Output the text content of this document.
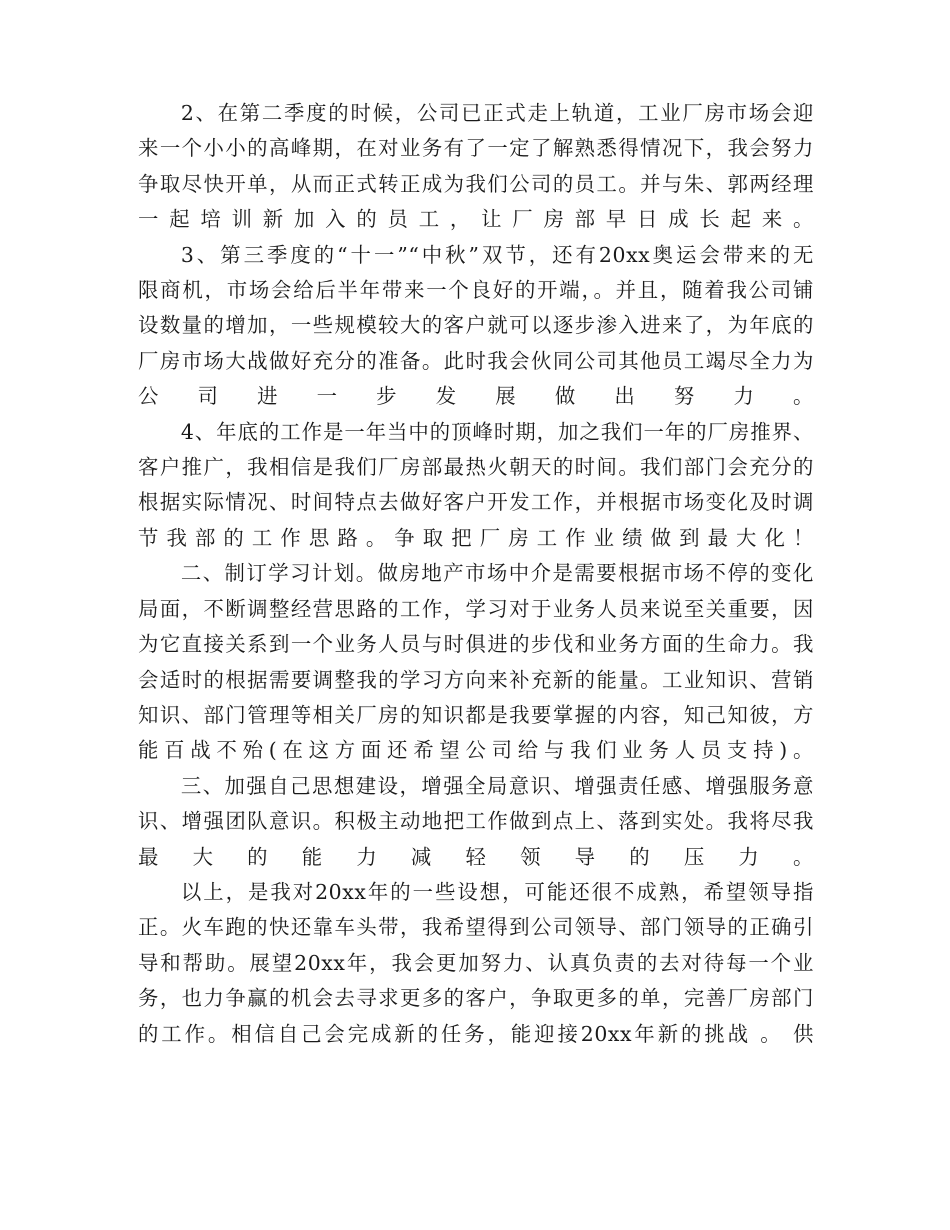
2、在第二季度的时候，公司已正式走上轨道，工业厂房市场会迎
来一个小小的高峰期，在对业务有了一定了解熟悉得情况下，我会努力
争取尽快开单，从而正式转正成为我们公司的员工。并与朱、郭两经理
一起培训新加入的员工，让厂房部早日成长起来。

3、第三季度的“十一”“中秋”双节，还有20xx奥运会带来的无
限商机，市场会给后半年带来一个良好的开端，。并且，随着我公司铺
设数量的增加，一些规模较大的客户就可以逐步渗入进来了，为年底的
厂房市场大战做好充分的准备。此时我会伙同公司其他员工竭尽全力为
公司进一步发展做出努力。

4、年底的工作是一年当中的顶峰时期，加之我们一年的厂房推界、
客户推广，我相信是我们厂房部最热火朝天的时间。我们部门会充分的
根据实际情况、时间特点去做好客户开发工作，并根据市场变化及时调
节我部的工作思路。争取把厂房工作业绩做到最大化！

二、制订学习计划。做房地产市场中介是需要根据市场不停的变化
局面，不断调整经营思路的工作，学习对于业务人员来说至关重要，因
为它直接关系到一个业务人员与时俱进的步伐和业务方面的生命力。我
会适时的根据需要调整我的学习方向来补充新的能量。工业知识、营销
知识、部门管理等相关厂房的知识都是我要掌握的内容，知己知彼，方
能百战不殆(在这方面还希望公司给与我们业务人员支持)。

三、加强自己思想建设，增强全局意识、增强责任感、增强服务意
识、增强团队意识。积极主动地把工作做到点上、落到实处。我将尽我
最大的能力减轻领导的压力。

以上，是我对20xx年的一些设想，可能还很不成熟，希望领导指
正。火车跑的快还靠车头带，我希望得到公司领导、部门领导的正确引
导和帮助。展望20xx年，我会更加努力、认真负责的去对待每一个业
务，也力争赢的机会去寻求更多的客户，争取更多的单，完善厂房部门
的工作。相信自己会完成新的任务，能迎接20xx年新的挑战 。 供
